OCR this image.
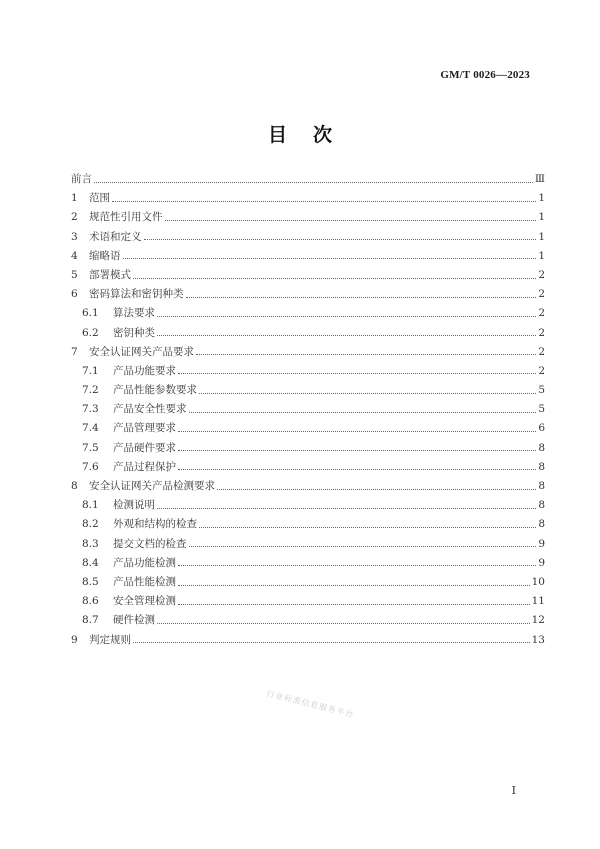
GM/T 0026—2023
目次
前言	Ⅲ
1	范围	1
2	规范性引用文件	1
3	术语和定义	1
4	缩略语	1
5	部署模式	2
6	密码算法和密钥种类	2
6.1	算法要求	2
6.2	密钥种类	2
7	安全认证网关产品要求	2
7.1	产品功能要求	2
7.2	产品性能参数要求	5
7.3	产品安全性要求	5
7.4	产品管理要求	6
7.5	产品硬件要求	8
7.6	产品过程保护	8
8	安全认证网关产品检测要求	8
8.1	检测说明	8
8.2	外观和结构的检查	8
8.3	提交文档的检查	9
8.4	产品功能检测	9
8.5	产品性能检测	10
8.6	安全管理检测	11
8.7	硬件检测	12
9	判定规则	13
行业标准信息服务平台
I
